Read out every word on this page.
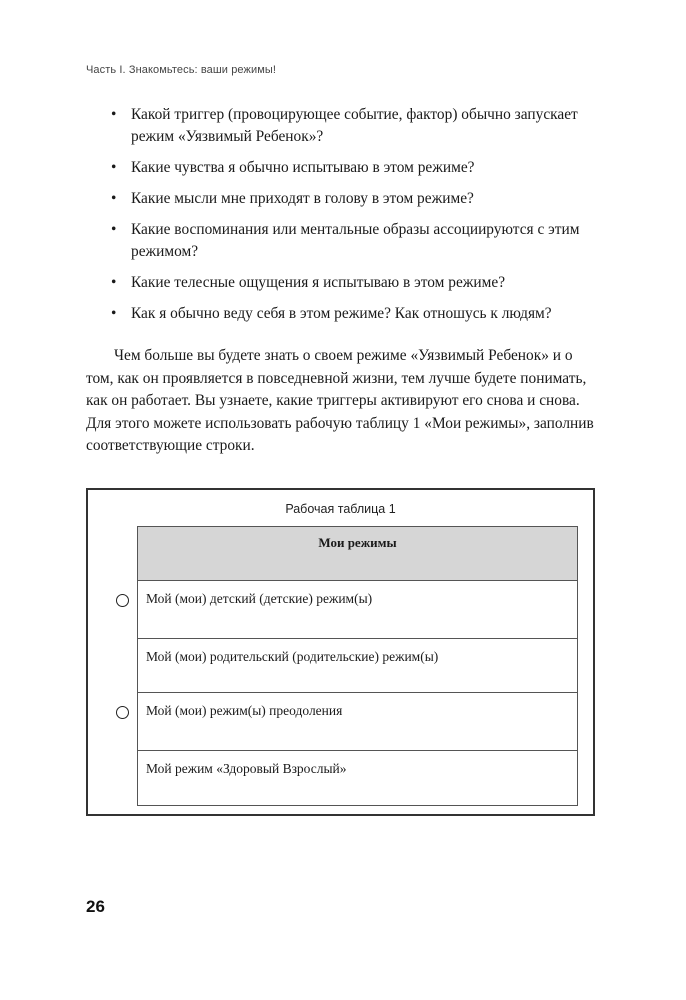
Часть I. Знакомьтесь: ваши режимы!
• Какой триггер (провоцирующее событие, фактор) обычно запускает режим «Уязвимый Ребенок»?
• Какие чувства я обычно испытываю в этом режиме?
• Какие мысли мне приходят в голову в этом режиме?
• Какие воспоминания или ментальные образы ассоциируются с этим режимом?
• Какие телесные ощущения я испытываю в этом режиме?
• Как я обычно веду себя в этом режиме? Как отношусь к людям?

Чем больше вы будете знать о своем режиме «Уязвимый Ребенок» и о том, как он проявляется в повседневной жизни, тем лучше будете понимать, как он работает. Вы узнаете, какие триггеры активируют его снова и снова. Для этого можете использовать рабочую таблицу 1 «Мои режимы», заполнив соответствующие строки.

Рабочая таблица 1
Мои режимы
Мой (мои) детский (детские) режим(ы)
Мой (мои) родительский (родительские) режим(ы)
Мой (мои) режим(ы) преодоления
Мой режим «Здоровый Взрослый»
26
